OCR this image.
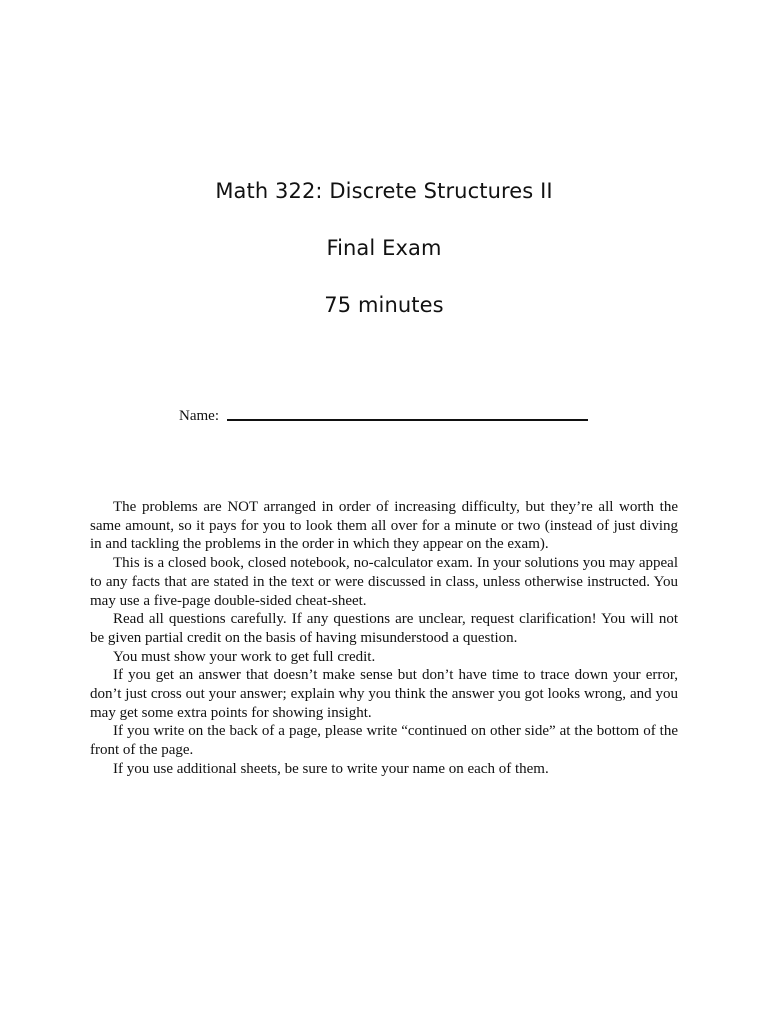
Math 322: Discrete Structures II
Final Exam
75 minutes
Name:

The problems are NOT arranged in order of increasing difficulty, but they’re all worth the same amount, so it pays for you to look them all over for a minute or two (instead of just diving in and tackling the problems in the order in which they appear on the exam).

This is a closed book, closed notebook, no-calculator exam. In your solutions you may appeal to any facts that are stated in the text or were discussed in class, unless otherwise instructed. You may use a five-page double-sided cheat-sheet.

Read all questions carefully. If any questions are unclear, request clarification! You will not be given partial credit on the basis of having misunderstood a question.

You must show your work to get full credit.

If you get an answer that doesn’t make sense but don’t have time to trace down your error, don’t just cross out your answer; explain why you think the answer you got looks wrong, and you may get some extra points for showing insight.

If you write on the back of a page, please write “continued on other side” at the bottom of the front of the page.

If you use additional sheets, be sure to write your name on each of them.
